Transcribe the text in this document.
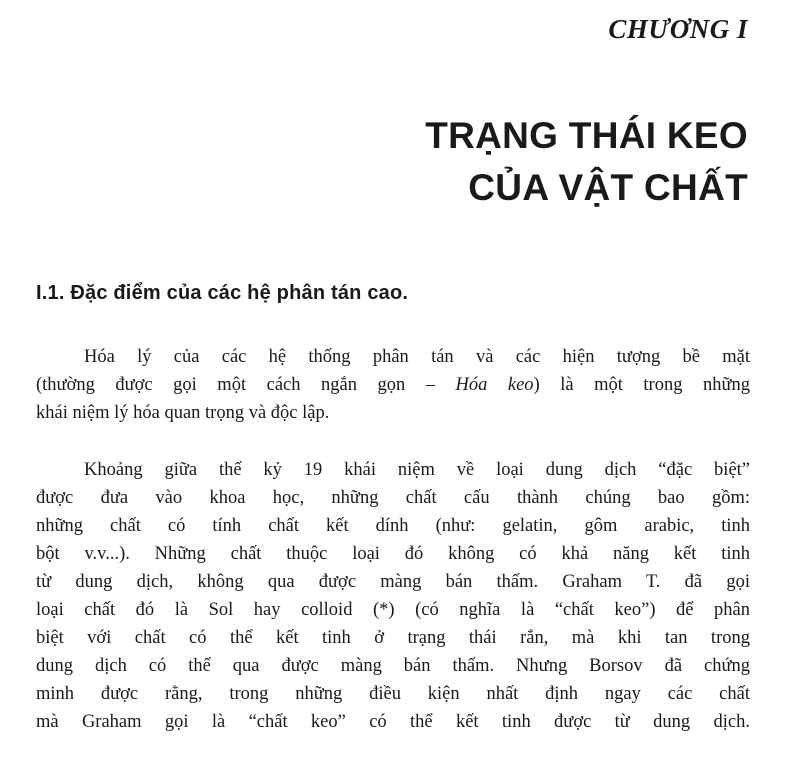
CHƯƠNG I
TRẠNG THÁI KEO
CỦA VẬT CHẤT
I.1. Đặc điểm của các hệ phân tán cao.
Hóa lý của các hệ thống phân tán và các hiện tượng bề mặt
(thường được gọi một cách ngắn gọn – Hóa keo) là một trong những
khái niệm lý hóa quan trọng và độc lập.
Khoảng giữa thế kỷ 19 khái niệm về loại dung dịch “đặc biệt”
được đưa vào khoa học, những chất cấu thành chúng bao gồm:
những chất có tính chất kết dính (như: gelatin, gôm arabic, tinh
bột v.v...). Những chất thuộc loại đó không có khả năng kết tinh
từ dung dịch, không qua được màng bán thấm. Graham T. đã gọi
loại chất đó là Sol hay colloid (*) (có nghĩa là “chất keo”) để phân
biệt với chất có thể kết tinh ở trạng thái rắn, mà khi tan trong
dung dịch có thể qua được màng bán thấm. Nhưng Borsov đã chứng
minh được rằng, trong những điều kiện nhất định ngay các chất
mà Graham gọi là “chất keo” có thể kết tinh được từ dung dịch.
